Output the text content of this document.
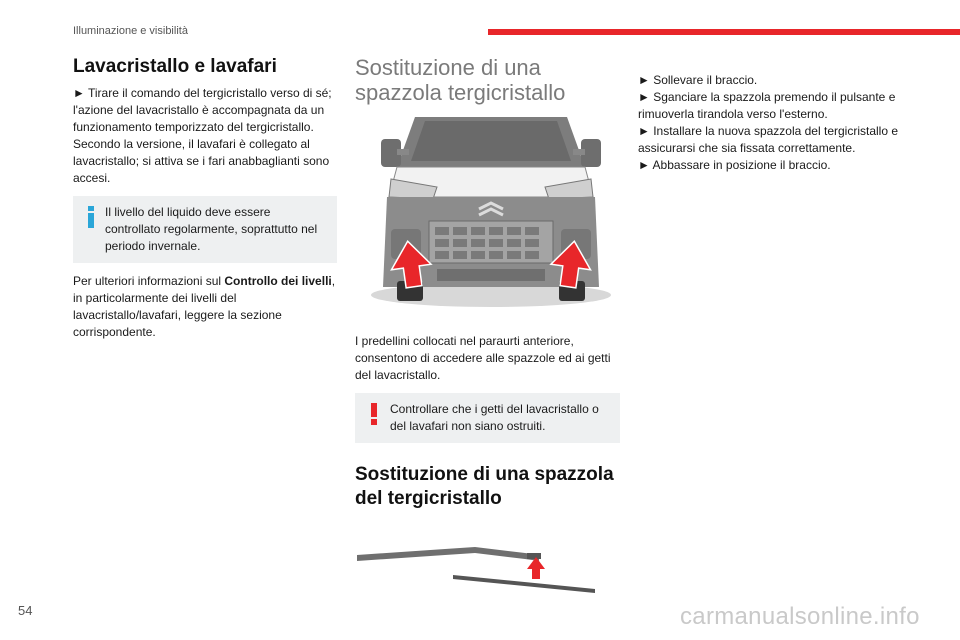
Illuminazione e visibilità
Lavacristallo e lavafari

► Tirare il comando del tergicristallo verso di sé; l'azione del lavacristallo è accompagnata da un funzionamento temporizzato del tergicristallo. Secondo la versione, il lavafari è collegato al lavacristallo; si attiva se i fari anabbaglianti sono accesi.

Il livello del liquido deve essere controllato regolarmente, soprattutto nel periodo invernale.
Per ulteriori informazioni sul Controllo dei livelli, in particolarmente dei livelli del lavacristallo/lavafari, leggere la sezione corrispondente.
Sostituzione di una spazzola tergicristallo

I predellini collocati nel paraurti anteriore, consentono di accedere alle spazzole ed ai getti del lavacristallo.

Controllare che i getti del lavacristallo o del lavafari non siano ostruiti.
Sostituzione di una spazzola del tergicristallo

► Sollevare il braccio.

► Sganciare la spazzola premendo il pulsante e rimuoverla tirandola verso l'esterno.

► Installare la nuova spazzola del tergicristallo e assicurarsi che sia fissata correttamente.

► Abbassare in posizione il braccio.

54	carmanualsonline.info
